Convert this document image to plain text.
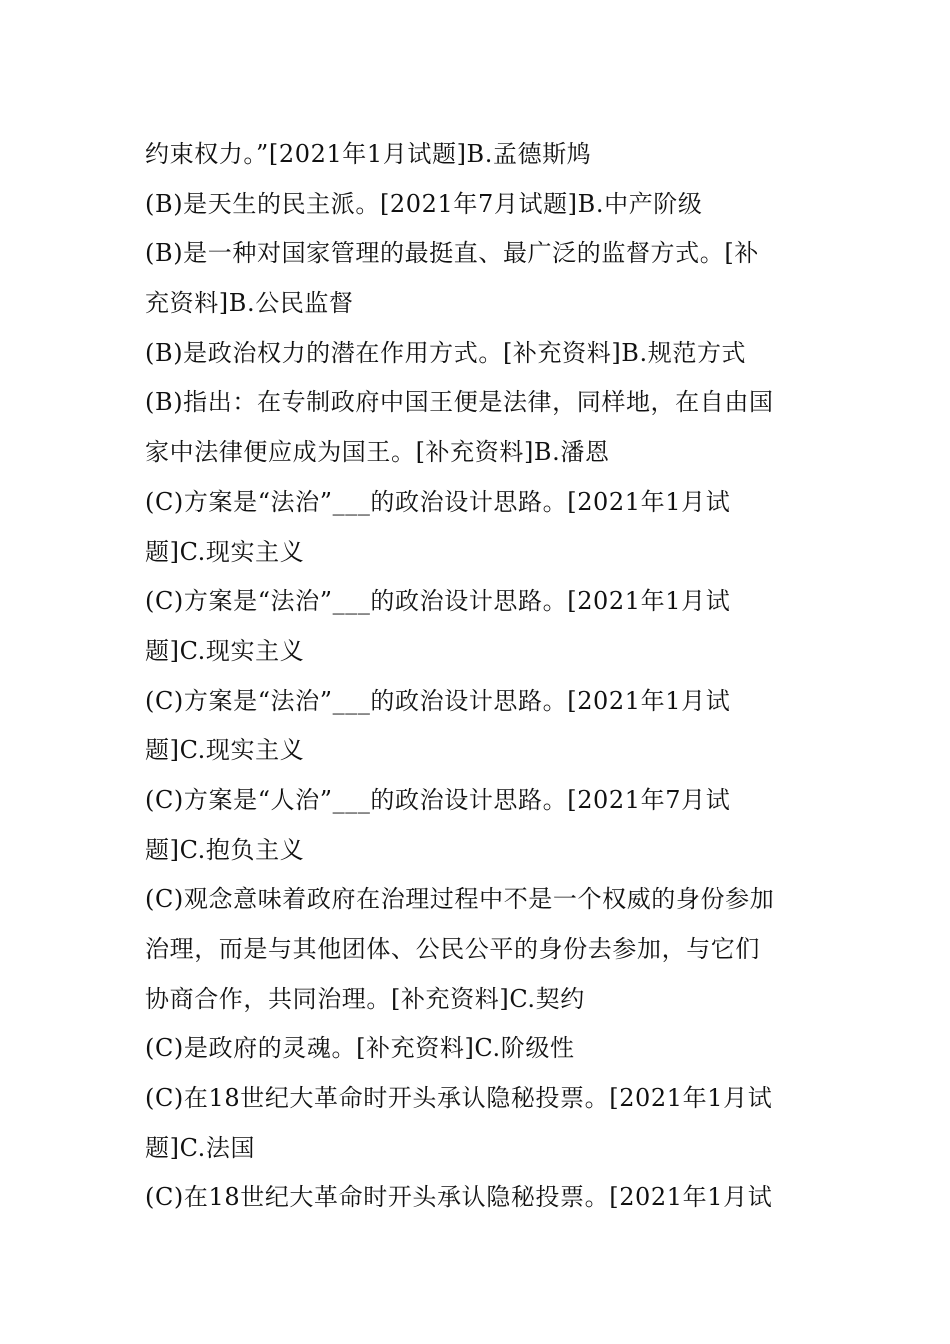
约束权力。”[2021年1月试题]B.孟德斯鸠
(B)是天生的民主派。[2021年7月试题]B.中产阶级
(B)是一种对国家管理的最挺直、最广泛的监督方式。[补
充资料]B.公民监督
(B)是政治权力的潜在作用方式。[补充资料]B.规范方式
(B)指出：在专制政府中国王便是法律，同样地，在自由国
家中法律便应成为国王。[补充资料]B.潘恩
(C)方案是“法治”___的政治设计思路。[2021年1月试
题]C.现实主义
(C)方案是“法治”___的政治设计思路。[2021年1月试
题]C.现实主义
(C)方案是“法治”___的政治设计思路。[2021年1月试
题]C.现实主义
(C)方案是“人治”___的政治设计思路。[2021年7月试
题]C.抱负主义
(C)观念意味着政府在治理过程中不是一个权威的身份参加
治理，而是与其他团体、公民公平的身份去参加，与它们
协商合作，共同治理。[补充资料]C.契约
(C)是政府的灵魂。[补充资料]C.阶级性
(C)在18世纪大革命时开头承认隐秘投票。[2021年1月试
题]C.法国
(C)在18世纪大革命时开头承认隐秘投票。[2021年1月试
